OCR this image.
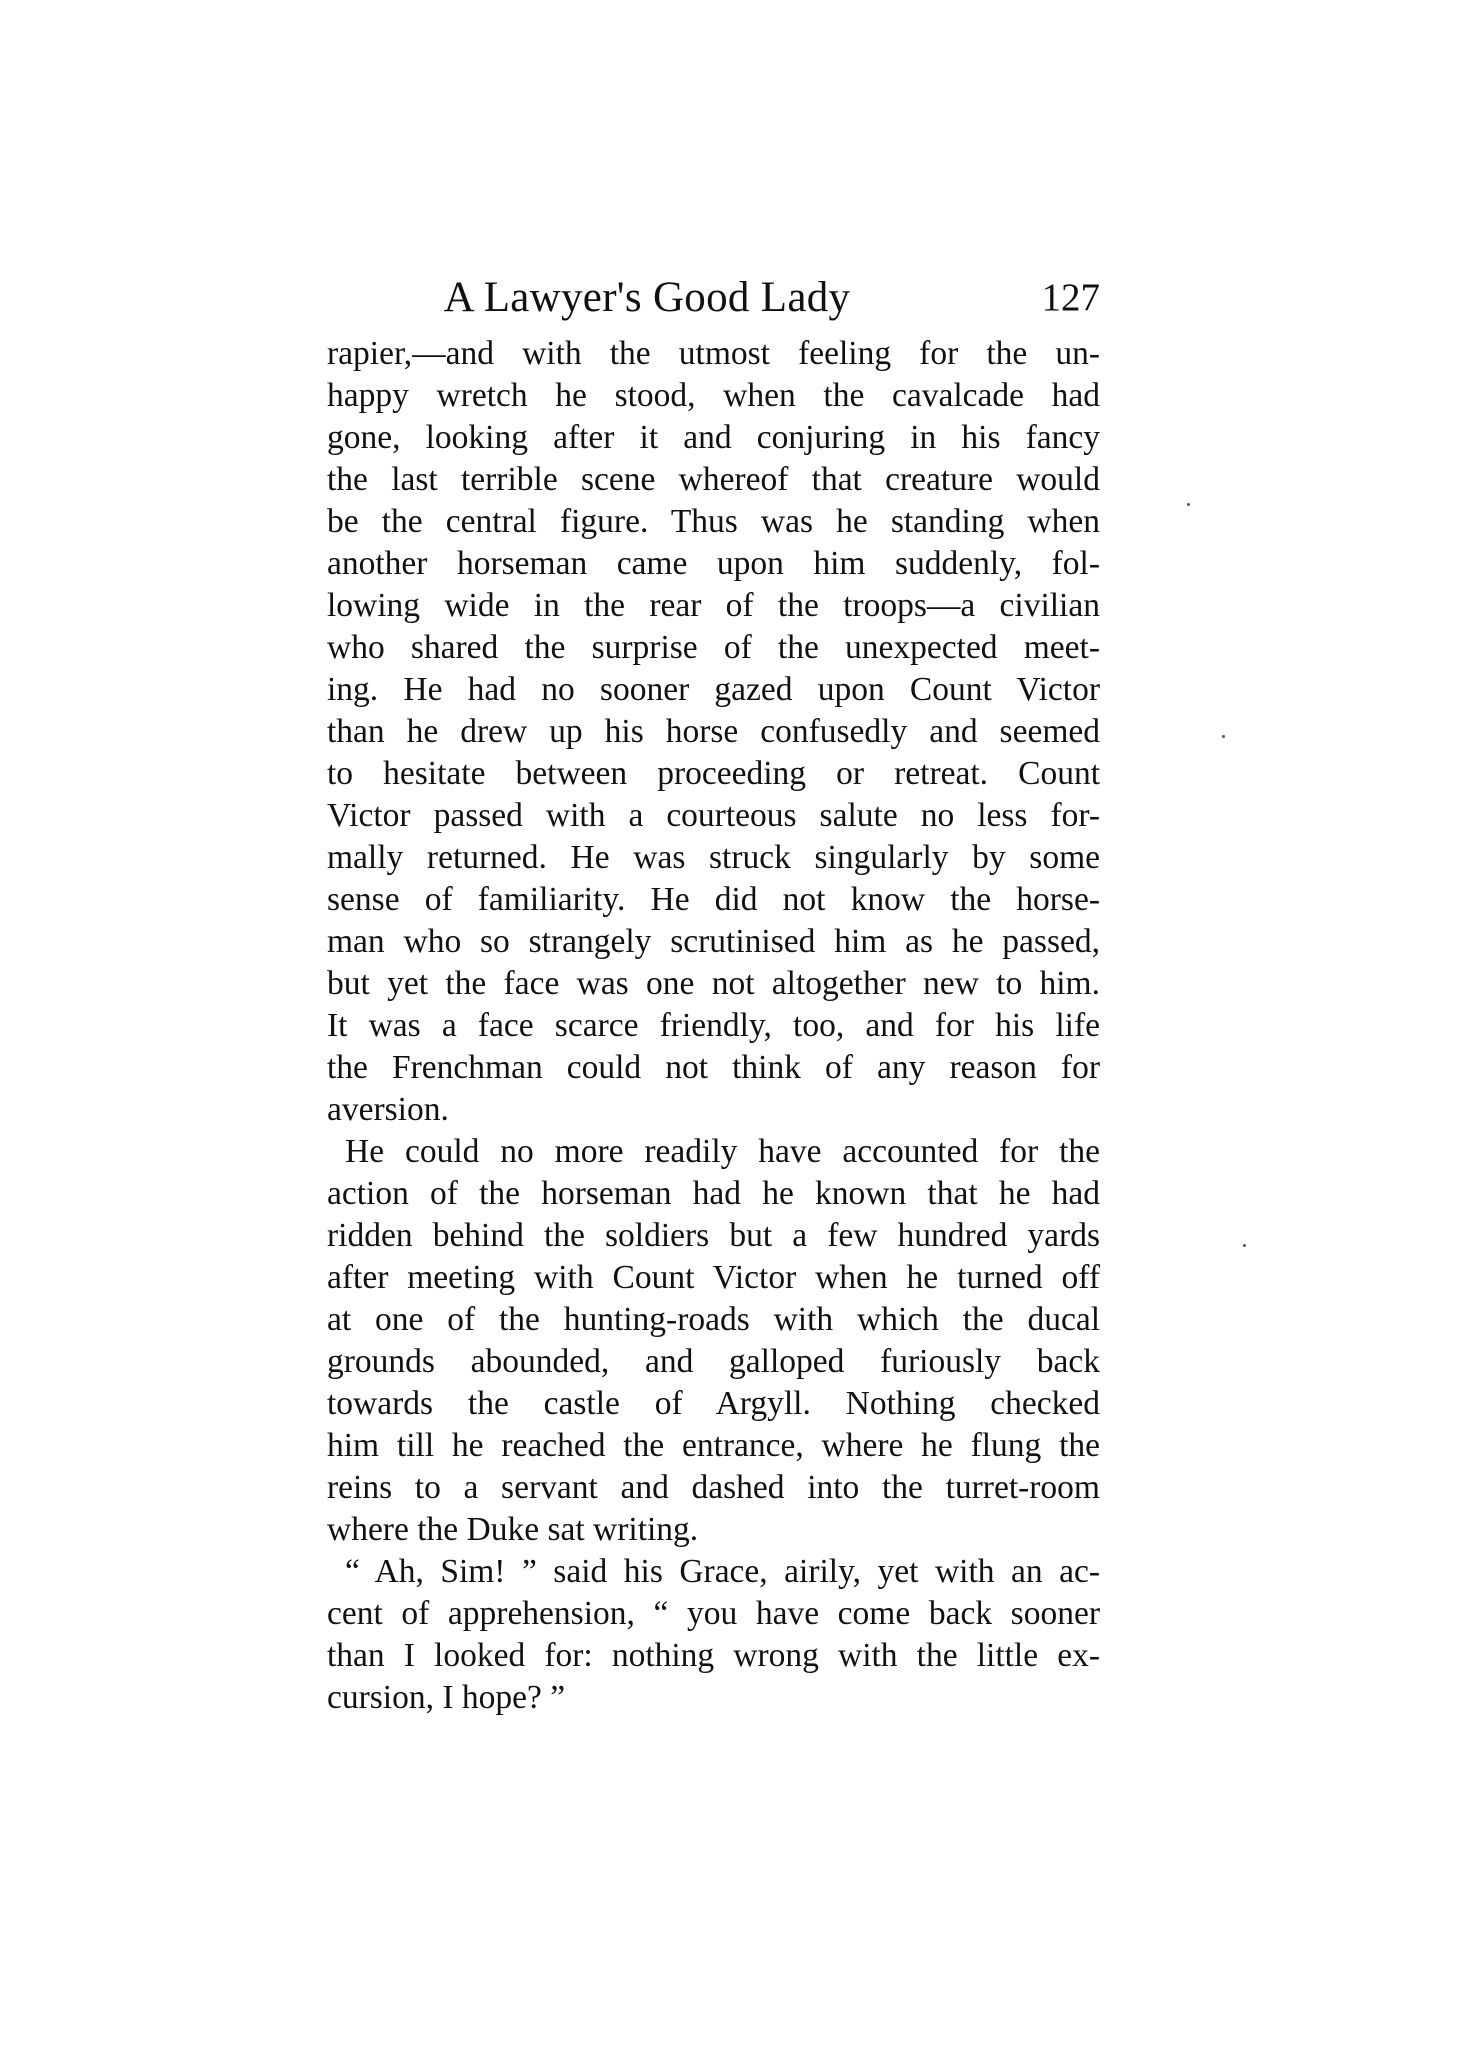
A Lawyer's Good Lady	127
rapier,—and with the utmost feeling for the un-
happy wretch he stood, when the cavalcade had
gone, looking after it and conjuring in his fancy
the last terrible scene whereof that creature would
be the central figure. Thus was he standing when
another horseman came upon him suddenly, fol-
lowing wide in the rear of the troops—a civilian
who shared the surprise of the unexpected meet-
ing. He had no sooner gazed upon Count Victor
than he drew up his horse confusedly and seemed
to hesitate between proceeding or retreat. Count
Victor passed with a courteous salute no less for-
mally returned. He was struck singularly by some
sense of familiarity. He did not know the horse-
man who so strangely scrutinised him as he passed,
but yet the face was one not altogether new to him.
It was a face scarce friendly, too, and for his life
the Frenchman could not think of any reason for
aversion.
He could no more readily have accounted for the
action of the horseman had he known that he had
ridden behind the soldiers but a few hundred yards
after meeting with Count Victor when he turned off
at one of the hunting-roads with which the ducal
grounds abounded, and galloped furiously back
towards the castle of Argyll. Nothing checked
him till he reached the entrance, where he flung the
reins to a servant and dashed into the turret-room
where the Duke sat writing.
“ Ah, Sim! ” said his Grace, airily, yet with an ac-
cent of apprehension, “ you have come back sooner
than I looked for: nothing wrong with the little ex-
cursion, I hope? ”
